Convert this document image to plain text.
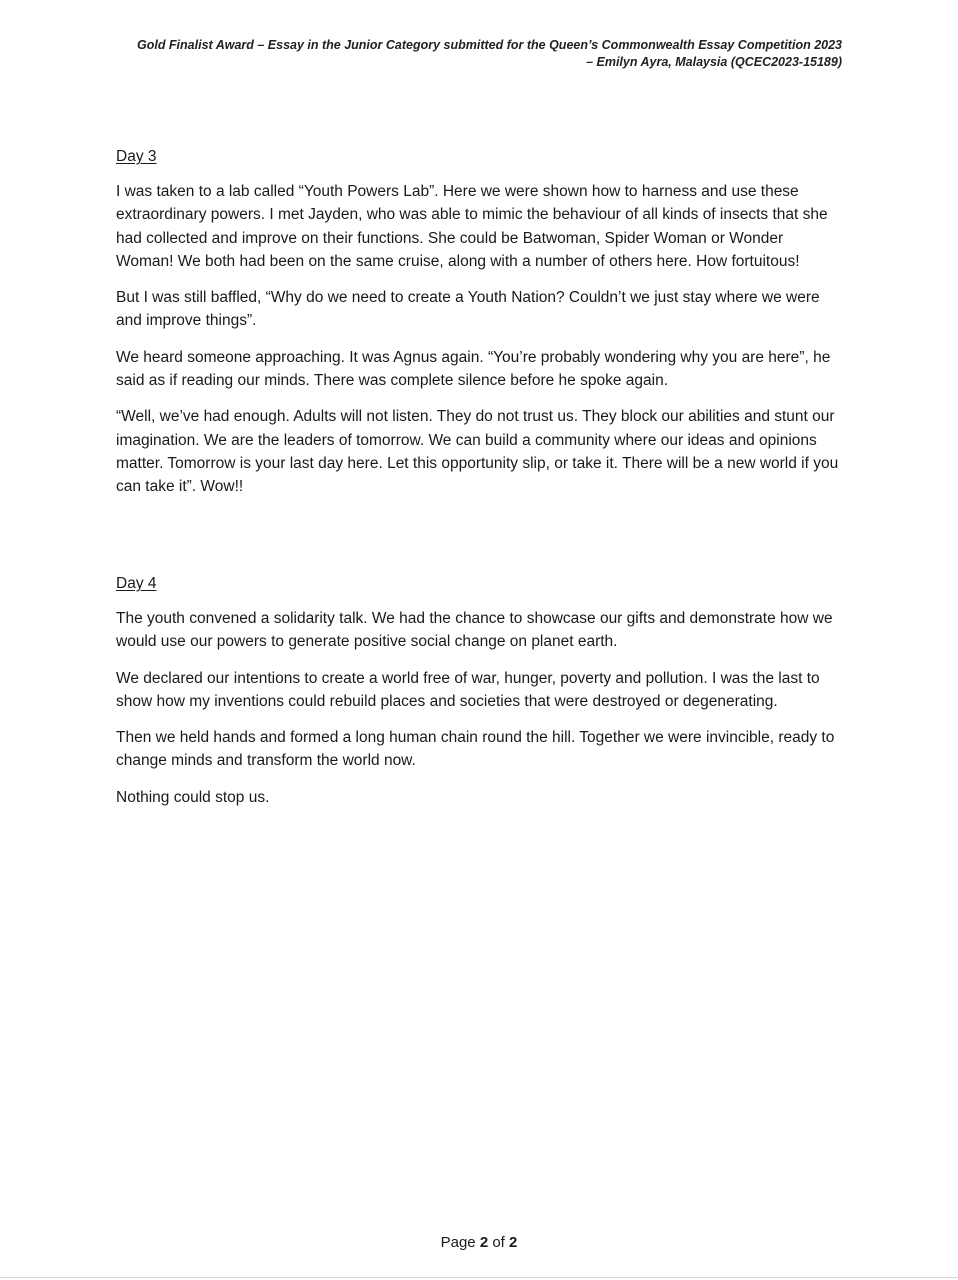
Gold Finalist Award – Essay in the Junior Category submitted for the Queen’s Commonwealth Essay Competition 2023
– Emilyn Ayra, Malaysia (QCEC2023-15189)
Day 3

I was taken to a lab called “Youth Powers Lab”. Here we were shown how to harness and use these extraordinary powers. I met Jayden, who was able to mimic the behaviour of all kinds of insects that she had collected and improve on their functions. She could be Batwoman, Spider Woman or Wonder Woman! We both had been on the same cruise, along with a number of others here. How fortuitous!

But I was still baffled, “Why do we need to create a Youth Nation? Couldn’t we just stay where we were and improve things”.

We heard someone approaching. It was Agnus again. “You’re probably wondering why you are here”, he said as if reading our minds. There was complete silence before he spoke again.

“Well, we’ve had enough. Adults will not listen. They do not trust us. They block our abilities and stunt our imagination. We are the leaders of tomorrow. We can build a community where our ideas and opinions matter. Tomorrow is your last day here. Let this opportunity slip, or take it. There will be a new world if you can take it”. Wow!!

Day 4

The youth convened a solidarity talk. We had the chance to showcase our gifts and demonstrate how we would use our powers to generate positive social change on planet earth.

We declared our intentions to create a world free of war, hunger, poverty and pollution. I was the last to show how my inventions could rebuild places and societies that were destroyed or degenerating.

Then we held hands and formed a long human chain round the hill. Together we were invincible, ready to change minds and transform the world now.

Nothing could stop us.

Page 2 of 2
